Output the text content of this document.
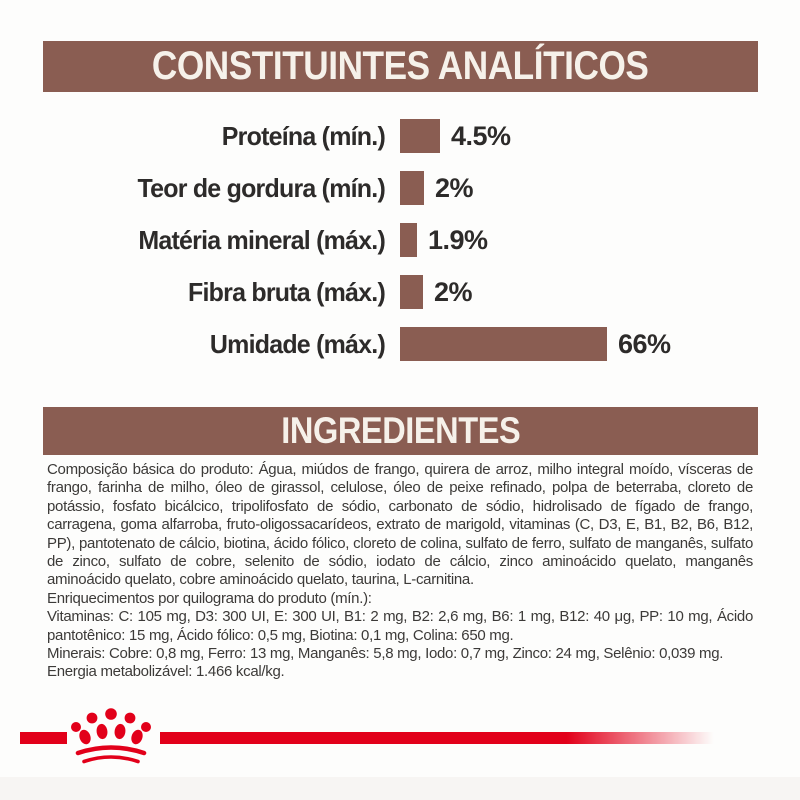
CONSTITUINTES ANALÍTICOS
Proteína (mín.) 4.5%
Teor de gordura (mín.) 2%
Matéria mineral (máx.) 1.9%
Fibra bruta (máx.) 2%
Umidade (máx.)	66%
INGREDIENTES

Composição básica do produto: Água, miúdos de frango, quirera de arroz, milho integral moído, vísceras de frango, farinha de milho, óleo de girassol, celulose, óleo de peixe refinado, polpa de beterraba, cloreto de potássio, fosfato bicálcico, tripolifosfato de sódio, carbonato de sódio, hidrolisado de fígado de frango, carragena, goma alfarroba, fruto-oligossacarídeos, extrato de marigold, vitaminas (C, D3, E, B1, B2, B6, B12, PP), pantotenato de cálcio, biotina, ácido fólico, cloreto de colina, sulfato de ferro, sulfato de manganês, sulfato de zinco, sulfato de cobre, selenito de sódio, iodato de cálcio, zinco aminoácido quelato, manganês aminoácido quelato, cobre aminoácido quelato, taurina, L-carnitina.

Enriquecimentos por quilograma do produto (mín.):

Vitaminas: C: 105 mg, D3: 300 UI, E: 300 UI, B1: 2 mg, B2: 2,6 mg, B6: 1 mg, B12: 40 μg, PP: 10 mg, Ácido pantotênico: 15 mg, Ácido fólico: 0,5 mg, Biotina: 0,1 mg, Colina: 650 mg.

Minerais: Cobre: 0,8 mg, Ferro: 13 mg, Manganês: 5,8 mg, Iodo: 0,7 mg, Zinco: 24 mg, Selênio: 0,039 mg.

Energia metabolizável: 1.466 kcal/kg.
